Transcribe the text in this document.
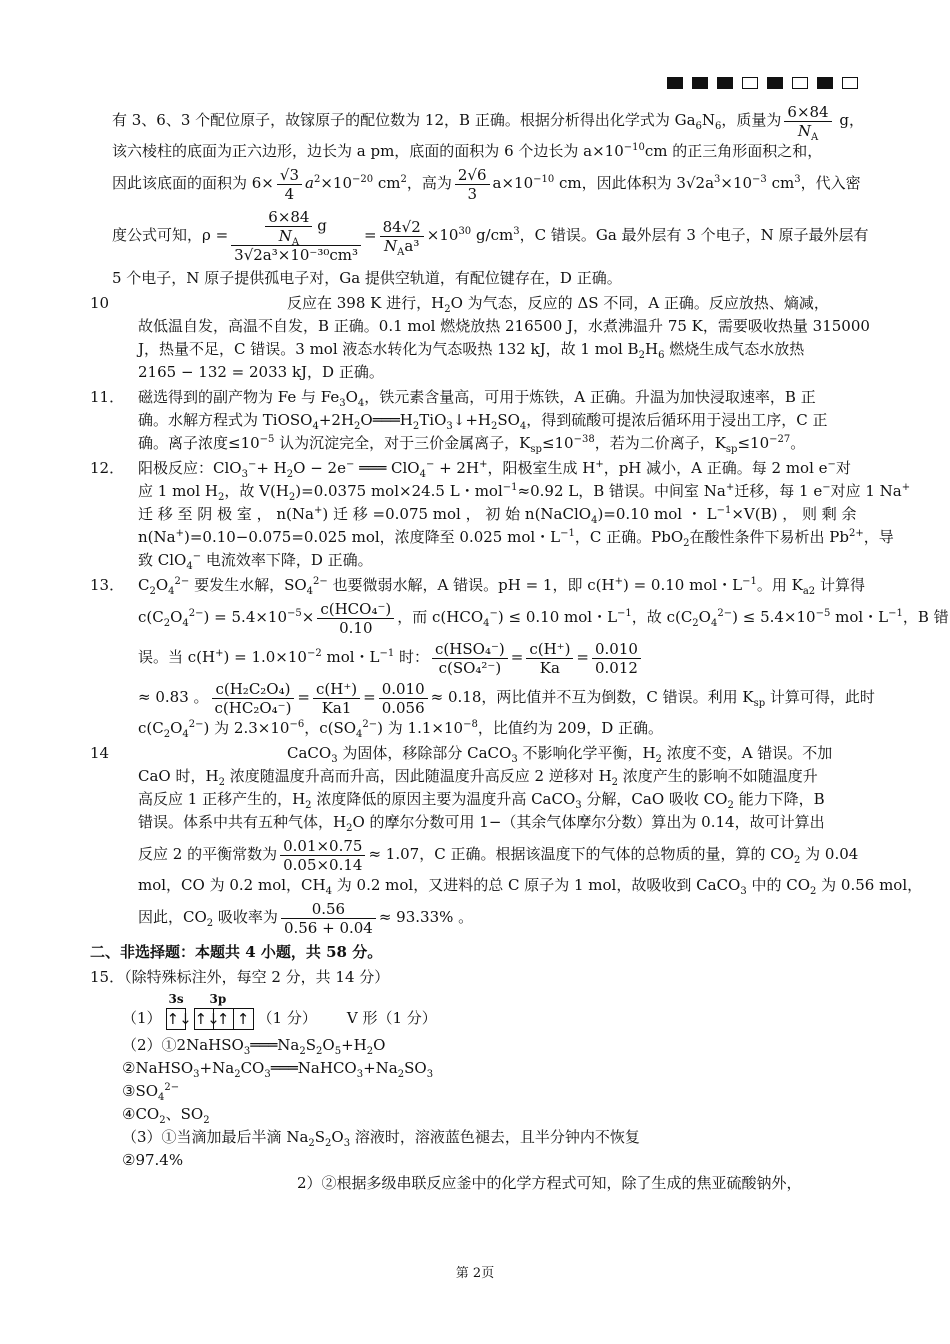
有 3、6、3 个配位原子，故镓原子的配位数为 12，B 正确。根据分析得出化学式为 $Ga_6N_6$，质量为 $\frac{6\times 84}{N_A}$ g，
该六棱柱的底面为正六边形，边长为 a pm，底面的面积为 6 个边长为 $a\times 10^{-10}cm$ 的正三角形面积之和，
因此该底面的面积为 $6\times \frac{√3}{4} a^2\times 10^{-20}$ $cm^2$，高为 $\frac{2√6}{3} a\times 10^{-10}$ cm，因此体积为 $3√2a^3\times 10^{-3}$ $cm^3$，代入密
度公式可知，$\rho = \frac{\frac{6\times 84}{N_A} g}{\text{3√2a³×10⁻³⁰cm³}} = \frac{84√2}{N_Aa^3} \times 10^{30}$ $g/cm^3$，C 错误。Ga 最外层有 3 个电子，N 原子最外层有
5 个电子，N 原子提供孤电子对，Ga 提供空轨道，有配位键存在，D 正确。
10	反应在 398 K 进行，$H_2O$ 为气态，反应的 ΔS 不同，A 正确。反应放热、熵减，
故低温自发，高温不自发，B 正确。0.1 mol 燃烧放热 216500 J，水煮沸温升 75 K，需要吸收热量 315000
J，热量不足，C 错误。3 mol 液态水转化为气态吸热 132 kJ，故 1 mol $B_2H_6$ 燃烧生成气态水放热
2165 − 132 = 2033 kJ，D 正确。
11． 磁选得到的副产物为 Fe 与 $Fe_3O_4$，铁元素含量高，可用于炼铁，A 正确。升温为加快浸取速率，B 正
确。水解方程式为 $TiOSO_4+2H_2O═══H_2TiO_3↓+H_2SO_4$，得到硫酸可提浓后循环用于浸出工序，C 正
确。离子浓度$\le 10^{-5}$ 认为沉淀完全，对于三价金属离子，$K_{sp}\le 10^{-38}$，若为二价离子，$K_{sp}\le 10^{-27}$。
12． 阳极反应：$ClO_3^-+ H_2O - 2e^-$ ═══ ClO$_4$− + 2H+，阳极室生成 H+，pH 减小，A 正确。每 2 mol e−对
应 1 mol $H_2$，故 $V(H_2)=0.0375$ mol×24.5 L・mol$^{-1}$≈0.92 L，B 错误。中间室 Na+迁移，每 1 e−对应 1 Na+
迁 移 至 阴 极 室 ， n(Na+) 迁 移 =0.075 mol ， 初 始 n(NaClO$_4$)=0.10 mol ・ $L^{-1}\times V(B)$ ， 则 剩 余
n(Na+)=0.10−0.075=0.025 mol，浓度降至 0.025 mol・$L^{-1}$，C 正确。PbO$_2$在酸性条件下易析出 $Pb^{2+}$，导
致 ClO$_4$− 电流效率下降，D 正确。
13． $C_2O_4^{2-}$ 要发生水解，$SO_4^{2-}$ 也要微弱水解，A 错误。pH = 1，即 c(H+) = 0.10 mol・$L^{-1}$。用 $K_{a2}$ 计算得
$c(C_2O_4^{2-}) = 5.4\times 10^{-5}\times \frac{\text{c(HCO₄⁻)}}{0.10}$ ，而 $c(HCO_4^-) \le 0.10$ mol・$L^{-1}$，故 $c(C_2O_4^{2-}) \le 5.4\times 10^{-5}$ mol・$L^{-1}$，B 错
误。当 $c(H^+) = 1.0\times 10^{-2}$ mol・$L^{-1}$ 时： $\frac{\text{c(HSO₄⁻)}}{\text{c(SO₄²⁻)}} = \frac{c(H^+)}{Ka} = \frac{0.010}{0.012}$
≈ 0.83 。 $\frac{\text{c(H₂C₂O₄)}}{\text{c(HC₂O₄⁻)}} = \frac{c(H^+)}{Ka1} = \frac{0.010}{0.056} \approx 0.18$，两比值并不互为倒数，C 错误。利用 $K_{sp}$ 计算可得，此时
$c(C_2O_4^{2-})$ 为 $2.3\times 10^{-6}$，$c(SO_4^{2-})$ 为 $1.1\times 10^{-8}$，比值约为 209，D 正确。
14	CaCO$_3$ 为固体，移除部分 CaCO$_3$ 不影响化学平衡，$H_2$ 浓度不变，A 错误。不加
CaO 时，$H_2$ 浓度随温度升高而升高，因此随温度升高反应 2 逆移对 $H_2$ 浓度产生的影响不如随温度升
高反应 1 正移产生的，$H_2$ 浓度降低的原因主要为温度升高 CaCO$_3$ 分解，CaO 吸收 $CO_2$ 能力下降，B
错误。体系中共有五种气体，$H_2O$ 的摩尔分数可用 1−（其余气体摩尔分数）算出为 0.14，故可计算出
反应 2 的平衡常数为 $\frac{0.01\times 0.75}{0.05\times 0.14} \approx 1.07$，C 正确。根据该温度下的气体的总物质的量，算的 $CO_2$ 为 0.04
mol，CO 为 0.2 mol，$CH_4$ 为 0.2 mol，又进料的总 C 原子为 1 mol，故吸收到 CaCO$_3$ 中的 $CO_2$ 为 0.56 mol，
因此，$CO_2$ 吸收率为 $\frac{0.56}{0.56 + 0.04} \approx 93.33\%$ 。
二、非选择题：本题共 4 小题，共 58 分。
15．（除特殊标注外，每空 2 分，共 14 分）
（1）
3s
↑↓
3p
↑↓
↑ ↑ （1 分） V 形（1 分）
$(2)①2NaHSO_3═══Na_2S_2O_5+H_2O$
$②NaHSO_3+Na_2CO_3═══NaHCO_3+Na_2SO_3$
$③SO_4^{2-}$
$④CO_2$、$SO_2$
（3）①当滴加最后半滴 $Na_2S_2O_3$ 溶液时，溶液蓝色褪去，且半分钟内不恢复
②97.4%
2）②根据多级串联反应釜中的化学方程式可知，除了生成的焦亚硫酸钠外，
第 2页
